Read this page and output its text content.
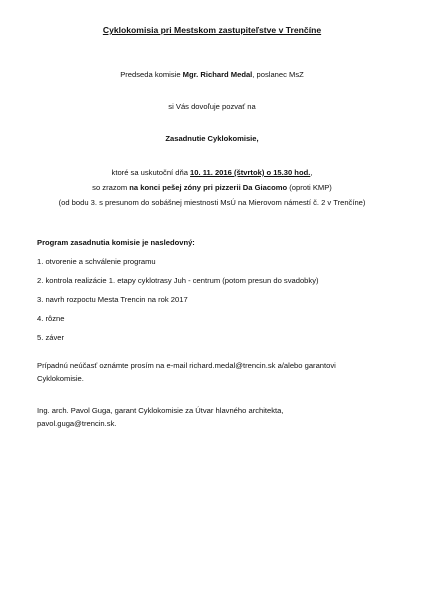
Cyklokomisia pri Mestskom zastupiteľstve v Trenčíne
Predseda komisie Mgr. Richard Medal, poslanec MsZ
si Vás dovoľuje pozvať na
Zasadnutie Cyklokomisie,
ktoré sa uskutoční dňa 10. 11. 2016 (štvrtok) o 15.30 hod.,
so zrazom na konci pešej zóny pri pizzerii Da Giacomo (oproti KMP)
(od bodu 3. s presunom do sobášnej miestnosti MsÚ na Mierovom námestí č. 2 v Trenčíne)
Program zasadnutia komisie je nasledovný:
1. otvorenie a schválenie programu
2. kontrola realizácie 1. etapy cyklotrasy Juh - centrum (potom presun do svadobky)
3. navrh rozpoctu Mesta Trencin na rok 2017
4. rôzne
5. záver
Prípadnú neúčasť oznámte prosím na e-mail richard.medal@trencin.sk a/alebo garantovi
Cyklokomisie.
Ing. arch. Pavol Guga, garant Cyklokomisie za Útvar hlavného architekta,
pavol.guga@trencin.sk.
